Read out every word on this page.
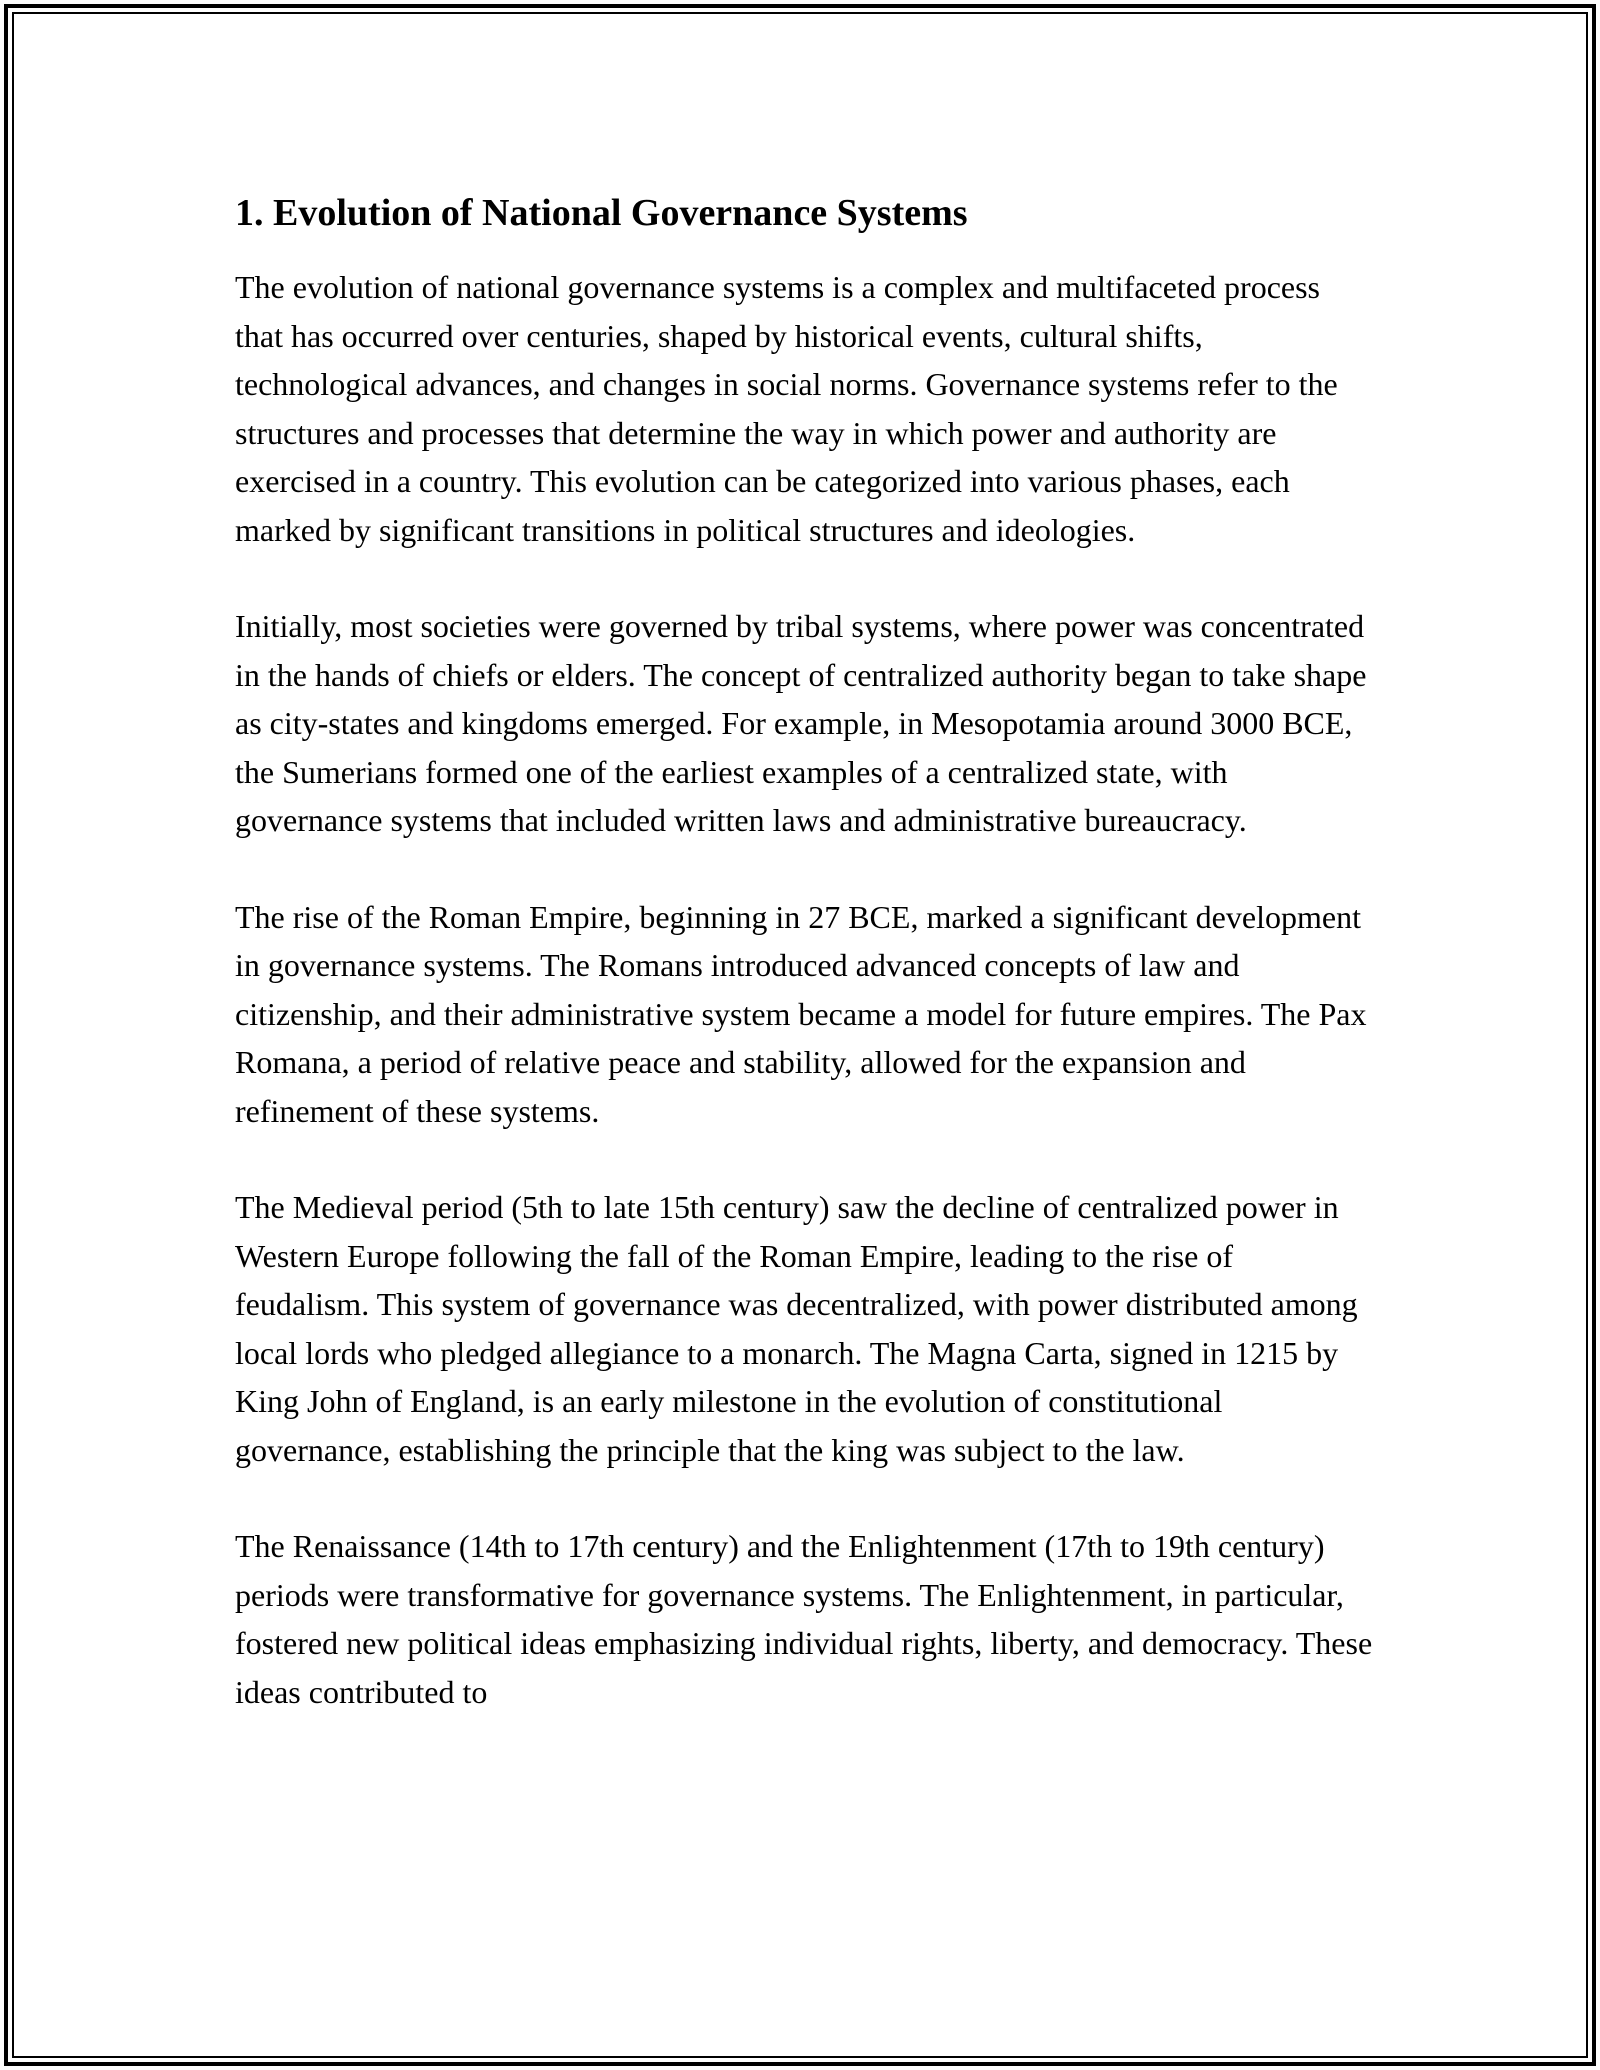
1. Evolution of National Governance Systems

The evolution of national governance systems is a complex and multifaceted process that has occurred over centuries, shaped by historical events, cultural shifts, technological advances, and changes in social norms. Governance systems refer to the structures and processes that determine the way in which power and authority are exercised in a country. This evolution can be categorized into various phases, each marked by significant transitions in political structures and ideologies.

Initially, most societies were governed by tribal systems, where power was concentrated in the hands of chiefs or elders. The concept of centralized authority began to take shape as city-states and kingdoms emerged. For example, in Mesopotamia around 3000 BCE, the Sumerians formed one of the earliest examples of a centralized state, with governance systems that included written laws and administrative bureaucracy.

The rise of the Roman Empire, beginning in 27 BCE, marked a significant development in governance systems. The Romans introduced advanced concepts of law and citizenship, and their administrative system became a model for future empires. The Pax Romana, a period of relative peace and stability, allowed for the expansion and refinement of these systems.

The Medieval period (5th to late 15th century) saw the decline of centralized power in Western Europe following the fall of the Roman Empire, leading to the rise of feudalism. This system of governance was decentralized, with power distributed among local lords who pledged allegiance to a monarch. The Magna Carta, signed in 1215 by King John of England, is an early milestone in the evolution of constitutional governance, establishing the principle that the king was subject to the law.

The Renaissance (14th to 17th century) and the Enlightenment (17th to 19th century) periods were transformative for governance systems. The Enlightenment, in particular, fostered new political ideas emphasizing individual rights, liberty, and democracy. These ideas contributed to
